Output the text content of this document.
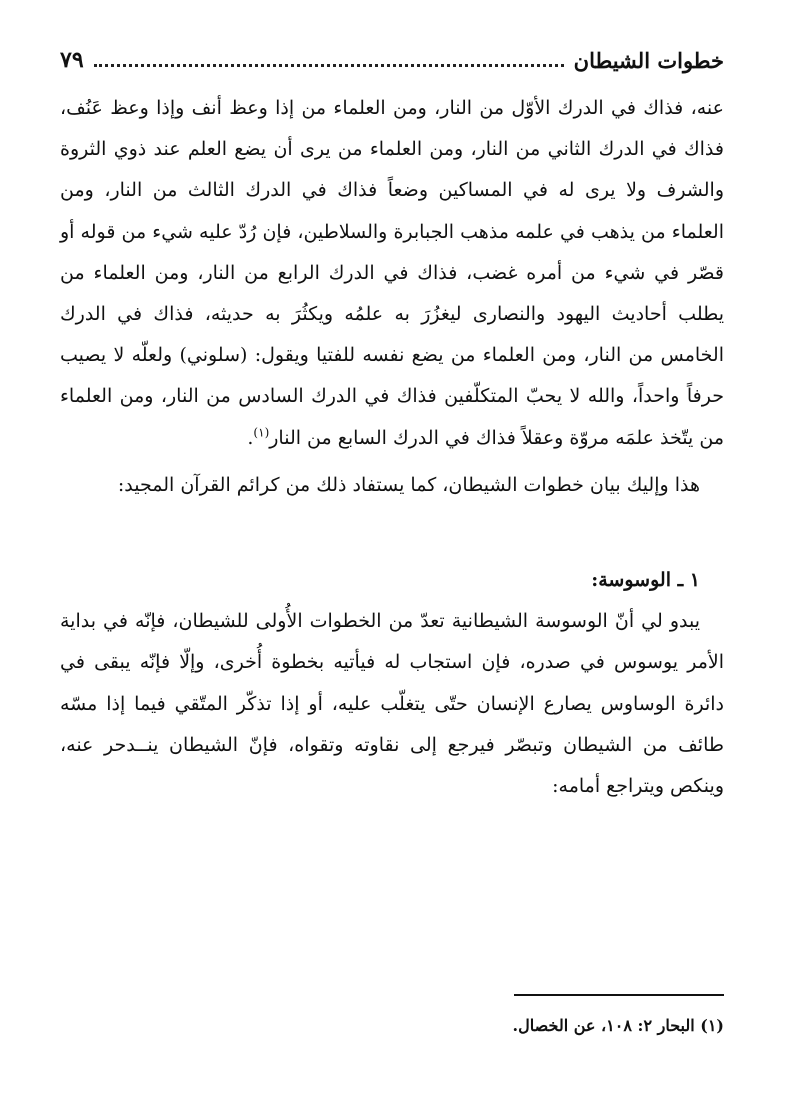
خطوات الشيطان
٧٩

عنه، فذاك في الدرك الأوّل من النار، ومن العلماء من إذا وعظ أنف وإذا وعظ عَنُف، فذاك في الدرك الثاني من النار، ومن العلماء من يرى أن يضع العلم عند ذوي الثروة والشرف ولا يرى له في المساكين وضعاً فذاك في الدرك الثالث من النار، ومن العلماء من يذهب في علمه مذهب الجبابرة والسلاطين، فإن رُدّ عليه شيء من قوله أو قصّر في شيء من أمره غضب، فذاك في الدرك الرابع من النار، ومن العلماء من يطلب أحاديث اليهود والنصارى ليغزُرَ به علمُه ويكثُرَ به حديثه، فذاك في الدرك الخامس من النار، ومن العلماء من يضع نفسه للفتيا ويقول: (سلوني) ولعلّه لا يصيب حرفاً واحداً، والله لا يحبّ المتكلّفين فذاك في الدرك السادس من النار، ومن العلماء من يتّخذ علمَه مروّة وعقلاً فذاك في الدرك السابع من النار$^{(١)}$.

هذا وإليك بيان خطوات الشيطان، كما يستفاد ذلك من كرائم القرآن المجيد:

١ ـ الوسوسة:

يبدو لي أنّ الوسوسة الشيطانية تعدّ من الخطوات الأُولى للشيطان، فإنّه في بداية الأمر يوسوس في صدره، فإن استجاب له فيأتيه بخطوة أُخرى، وإلّا فإنّه يبقى في دائرة الوساوس يصارع الإنسان حتّى يتغلّب عليه، أو إذا تذكّر المتّقي فيما إذا مسّه طائف من الشيطان وتبصّر فيرجع إلى نقاوته وتقواه، فإنّ الشيطان ينــدحر عنه، وينكص ويتراجع أمامه:

(١) البحار ٢: ١٠٨، عن الخصال.
